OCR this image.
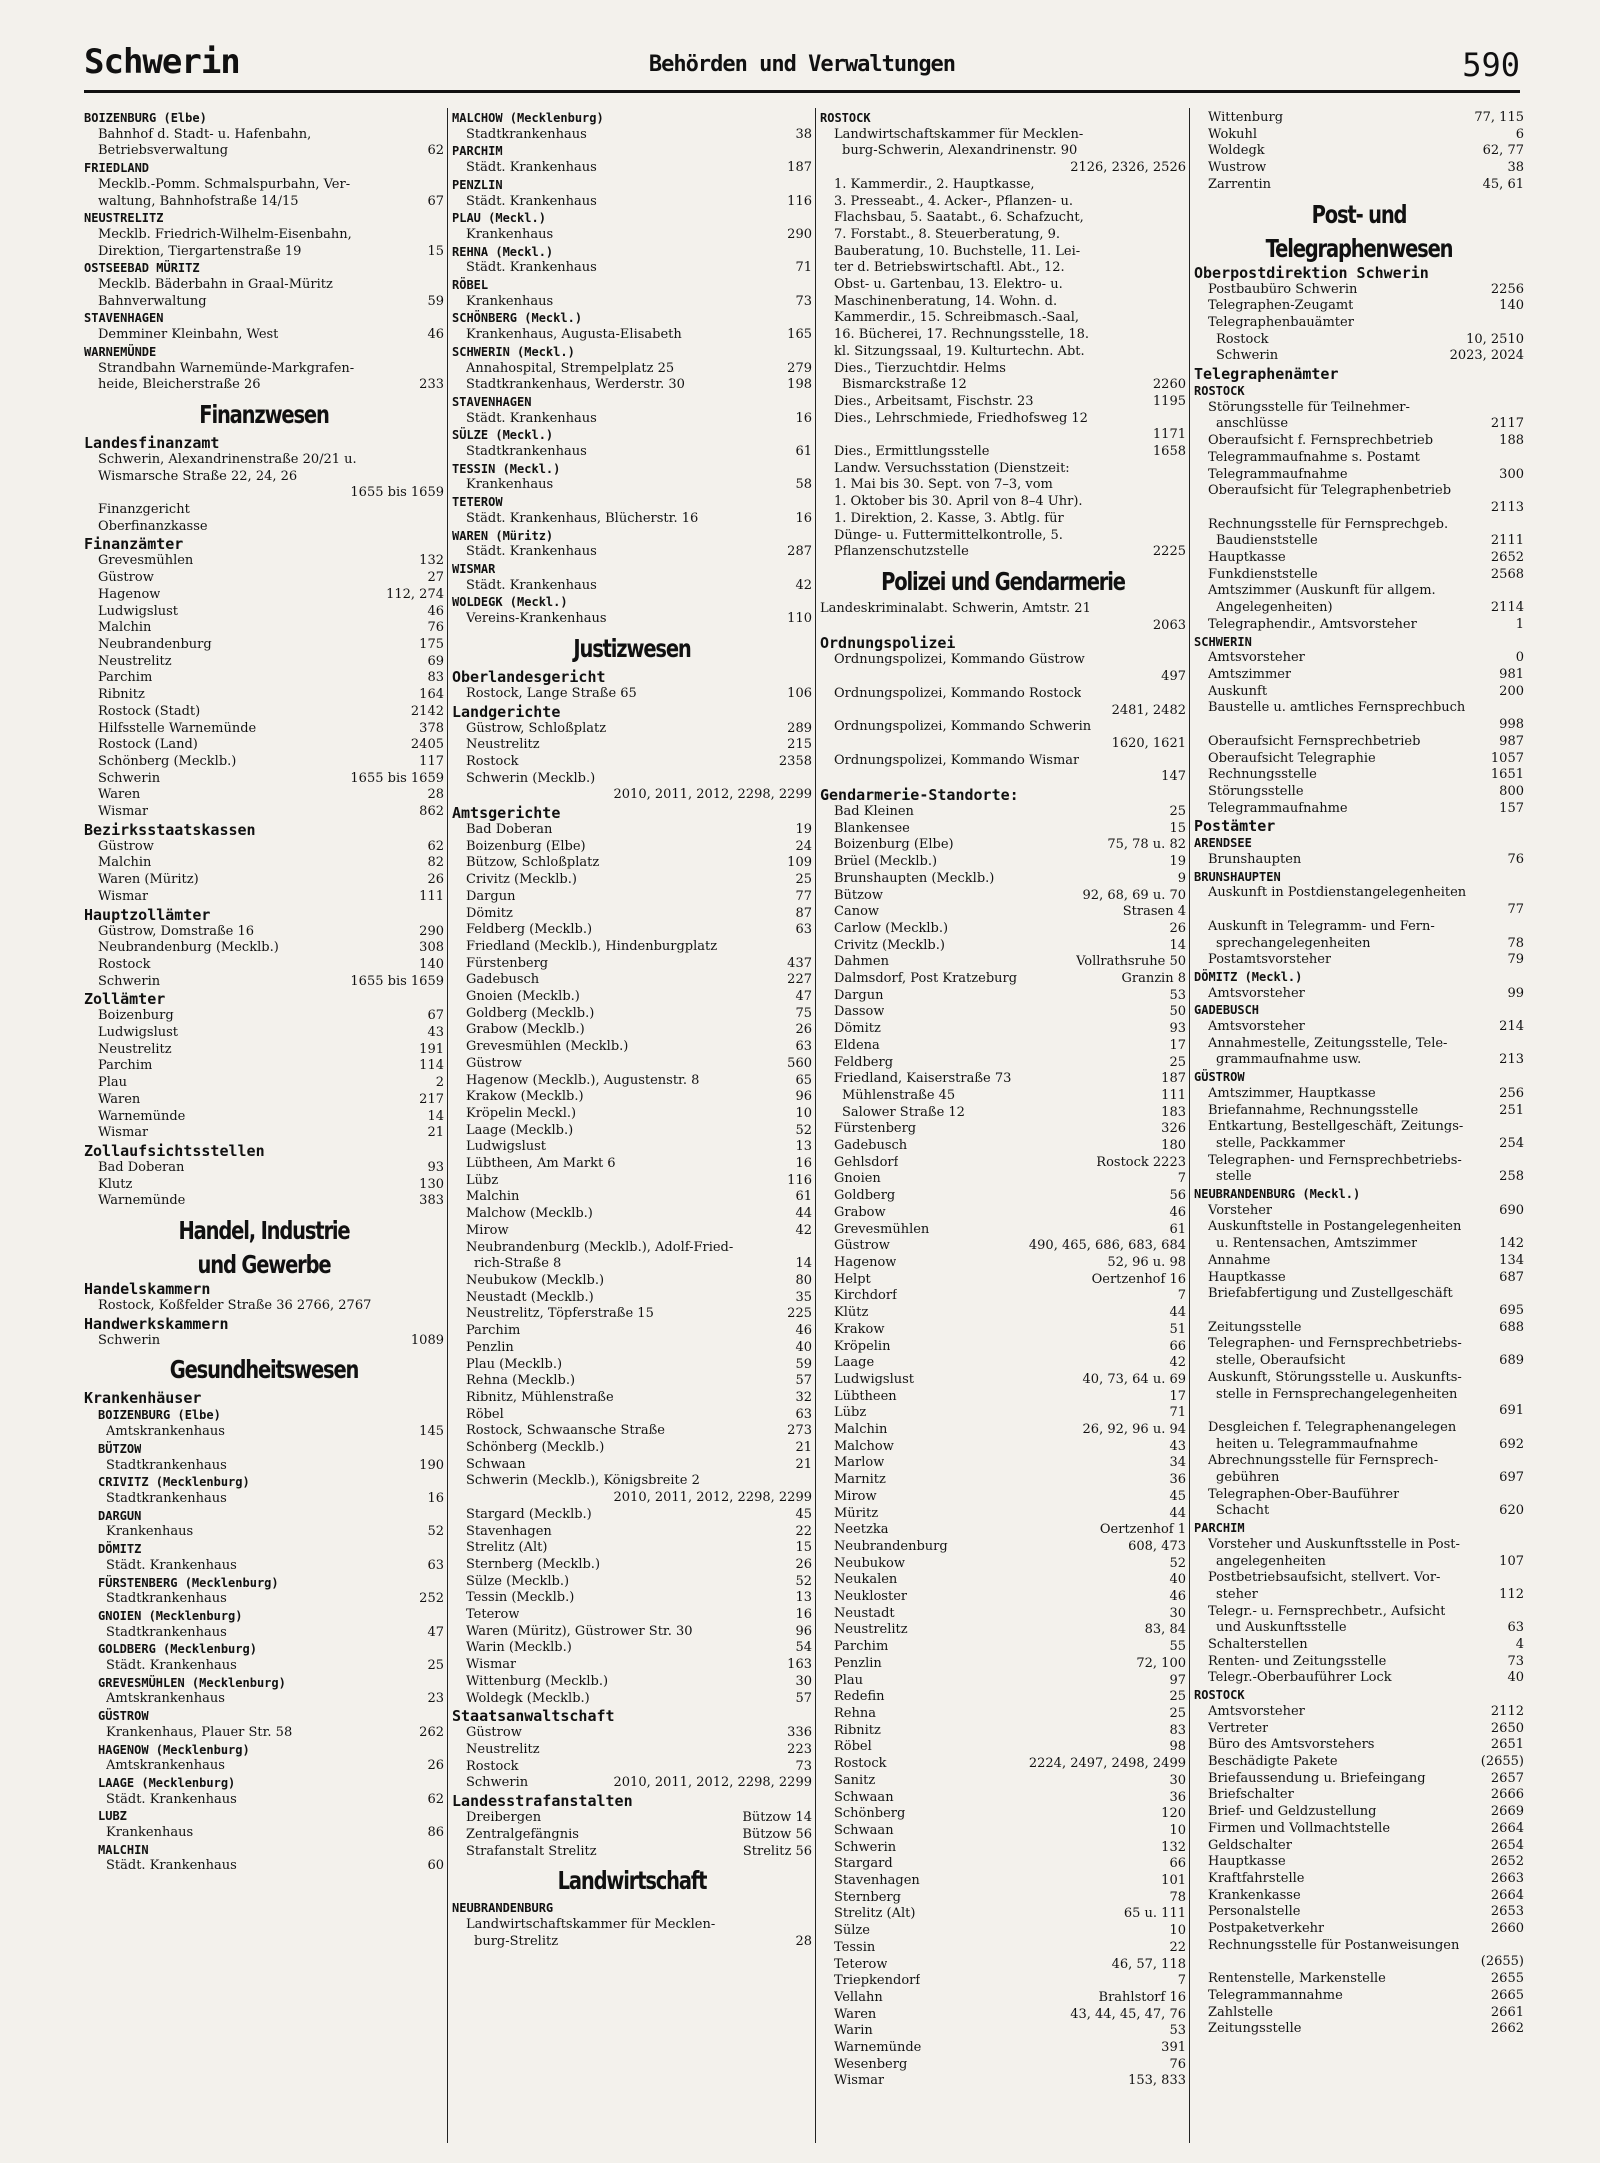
Schwerin	Behörden und Verwaltungen	590
BOIZENBURG (Elbe)
Bahnhof d. Stadt- u. Hafenbahn,
Betriebsverwaltung	62
FRIEDLAND
Mecklb.-Pomm. Schmalspurbahn, Ver-
waltung, Bahnhofstraße 14/15	67
NEUSTRELITZ
Mecklb. Friedrich-Wilhelm-Eisenbahn,
Direktion, Tiergartenstraße 19	15
OSTSEEBAD MÜRITZ
Mecklb. Bäderbahn in Graal-Müritz
Bahnverwaltung	59
STAVENHAGEN
Demminer Kleinbahn, West	46
WARNEMÜNDE
Strandbahn Warnemünde-Markgrafen-
heide, Bleicherstraße 26	233
Finanzwesen
Landesfinanzamt
Schwerin, Alexandrinenstraße 20/21 u.
Wismarsche Straße 22, 24, 26
1655 bis 1659
Finanzgericht
Oberfinanzkasse
Finanzämter
Grevesmühlen	132
Güstrow	27
Hagenow	112, 274
Ludwigslust	46
Malchin	76
Neubrandenburg	175
Neustrelitz	69
Parchim	83
Ribnitz	164
Rostock (Stadt)	2142
Hilfsstelle Warnemünde	378
Rostock (Land)	2405
Schönberg (Mecklb.)	117
Schwerin	1655 bis 1659
Waren	28
Wismar	862
Bezirksstaatskassen
Güstrow	62
Malchin	82
Waren (Müritz)	26
Wismar	111
Hauptzollämter
Güstrow, Domstraße 16	290
Neubrandenburg (Mecklb.)	308
Rostock	140
Schwerin	1655 bis 1659
Zollämter
Boizenburg	67
Ludwigslust	43
Neustrelitz	191
Parchim	114
Plau	2
Waren	217
Warnemünde	14
Wismar	21
Zollaufsichtsstellen
Bad Doberan	93
Klutz	130
Warnemünde	383
Handel, Industrie
und Gewerbe
Handelskammern
Rostock, Koßfelder Straße 36 2766, 2767
Handwerkskammern
Schwerin	1089
Gesundheitswesen
Krankenhäuser
BOIZENBURG (Elbe)
Amtskrankenhaus	145
BÜTZOW
Stadtkrankenhaus	190
CRIVITZ (Mecklenburg)
Stadtkrankenhaus	16
DARGUN
Krankenhaus	52
DÖMITZ
Städt. Krankenhaus	63
FÜRSTENBERG (Mecklenburg)
Stadtkrankenhaus	252
GNOIEN (Mecklenburg)
Stadtkrankenhaus	47
GOLDBERG (Mecklenburg)
Städt. Krankenhaus	25
GREVESMÜHLEN (Mecklenburg)
Amtskrankenhaus	23
GÜSTROW
Krankenhaus, Plauer Str. 58	262
HAGENOW (Mecklenburg)
Amtskrankenhaus	26
LAAGE (Mecklenburg)
Städt. Krankenhaus	62
LUBZ
Krankenhaus	86
MALCHIN
Städt. Krankenhaus	60
MALCHOW (Mecklenburg)
Stadtkrankenhaus	38
PARCHIM
Städt. Krankenhaus	187
PENZLIN
Städt. Krankenhaus	116
PLAU (Meckl.)
Krankenhaus	290
REHNA (Meckl.)
Städt. Krankenhaus	71
RÖBEL
Krankenhaus	73
SCHÖNBERG (Meckl.)
Krankenhaus, Augusta-Elisabeth	165
SCHWERIN (Meckl.)
Annahospital, Strempelplatz 25	279
Stadtkrankenhaus, Werderstr. 30	198
STAVENHAGEN
Städt. Krankenhaus	16
SÜLZE (Meckl.)
Stadtkrankenhaus	61
TESSIN (Meckl.)
Krankenhaus	58
TETEROW
Städt. Krankenhaus, Blücherstr. 16	16
WAREN (Müritz)
Städt. Krankenhaus	287
WISMAR
Städt. Krankenhaus	42
WOLDEGK (Meckl.)
Vereins-Krankenhaus	110
Justizwesen
Oberlandesgericht
Rostock, Lange Straße 65	106
Landgerichte
Güstrow, Schloßplatz	289
Neustrelitz	215
Rostock	2358
Schwerin (Mecklb.)
2010, 2011, 2012, 2298, 2299
Amtsgerichte
Bad Doberan	19
Boizenburg (Elbe)	24
Bützow, Schloßplatz	109
Crivitz (Mecklb.)	25
Dargun	77
Dömitz	87
Feldberg (Mecklb.)	63
Friedland (Mecklb.), Hindenburgplatz
Fürstenberg	437
Gadebusch	227
Gnoien (Mecklb.)	47
Goldberg (Mecklb.)	75
Grabow (Mecklb.)	26
Grevesmühlen (Mecklb.)	63
Güstrow	560
Hagenow (Mecklb.), Augustenstr. 8	65
Krakow (Mecklb.)	96
Kröpelin Meckl.)	10
Laage (Mecklb.)	52
Ludwigslust	13
Lübtheen, Am Markt 6	16
Lübz	116
Malchin	61
Malchow (Mecklb.)	44
Mirow	42
Neubrandenburg (Mecklb.), Adolf-Fried-
rich-Straße 8	14
Neubukow (Mecklb.)	80
Neustadt (Mecklb.)	35
Neustrelitz, Töpferstraße 15	225
Parchim	46
Penzlin	40
Plau (Mecklb.)	59
Rehna (Mecklb.)	57
Ribnitz, Mühlenstraße	32
Röbel	63
Rostock, Schwaansche Straße	273
Schönberg (Mecklb.)	21
Schwaan	21
Schwerin (Mecklb.), Königsbreite 2
2010, 2011, 2012, 2298, 2299
Stargard (Mecklb.)	45
Stavenhagen	22
Strelitz (Alt)	15
Sternberg (Mecklb.)	26
Sülze (Mecklb.)	52
Tessin (Mecklb.)	13
Teterow	16
Waren (Müritz), Güstrower Str. 30	96
Warin (Mecklb.)	54
Wismar	163
Wittenburg (Mecklb.)	30
Woldegk (Mecklb.)	57
Staatsanwaltschaft
Güstrow	336
Neustrelitz	223
Rostock	73
Schwerin	2010, 2011, 2012, 2298, 2299
Landesstrafanstalten
Dreibergen	Bützow 14
Zentralgefängnis	Bützow 56
Strafanstalt Strelitz	Strelitz 56
Landwirtschaft
NEUBRANDENBURG
Landwirtschaftskammer für Mecklen-
burg-Strelitz	28
ROSTOCK
Landwirtschaftskammer für Mecklen-
burg-Schwerin, Alexandrinenstr. 90
2126, 2326, 2526
1. Kammerdir., 2. Hauptkasse,
3. Presseabt., 4. Acker-, Pflanzen- u.
Flachsbau, 5. Saatabt., 6. Schafzucht,
7. Forstabt., 8. Steuerberatung, 9.
Bauberatung, 10. Buchstelle, 11. Lei-
ter d. Betriebswirtschaftl. Abt., 12.
Obst- u. Gartenbau, 13. Elektro- u.
Maschinenberatung, 14. Wohn. d.
Kammerdir., 15. Schreibmasch.-Saal,
16. Bücherei, 17. Rechnungsstelle, 18.
kl. Sitzungssaal, 19. Kulturtechn. Abt.
Dies., Tierzuchtdir. Helms
Bismarckstraße 12	2260
Dies., Arbeitsamt, Fischstr. 23	1195
Dies., Lehrschmiede, Friedhofsweg 12
1171
Dies., Ermittlungsstelle	1658
Landw. Versuchsstation (Dienstzeit:
1. Mai bis 30. Sept. von 7–3, vom
1. Oktober bis 30. April von 8–4 Uhr).
1. Direktion, 2. Kasse, 3. Abtlg. für
Dünge- u. Futtermittelkontrolle, 5.
Pflanzenschutzstelle	2225
Polizei und Gendarmerie
Landeskriminalabt. Schwerin, Amtstr. 21
2063
Ordnungspolizei
Ordnungspolizei, Kommando Güstrow
497
Ordnungspolizei, Kommando Rostock
2481, 2482
Ordnungspolizei, Kommando Schwerin
1620, 1621
Ordnungspolizei, Kommando Wismar
147
Gendarmerie-Standorte:
Bad Kleinen	25
Blankensee	15
Boizenburg (Elbe)	75, 78 u. 82
Brüel (Mecklb.)	19
Brunshaupten (Mecklb.)	9
Bützow	92, 68, 69 u. 70
Canow	Strasen 4
Carlow (Mecklb.)	26
Crivitz (Mecklb.)	14
Dahmen	Vollrathsruhe 50
Dalmsdorf, Post Kratzeburg	Granzin 8
Dargun	53
Dassow	50
Dömitz	93
Eldena	17
Feldberg	25
Friedland, Kaiserstraße 73	187
Mühlenstraße 45	111
Salower Straße 12	183
Fürstenberg	326
Gadebusch	180
Gehlsdorf	Rostock 2223
Gnoien	7
Goldberg	56
Grabow	46
Grevesmühlen	61
Güstrow	490, 465, 686, 683, 684
Hagenow	52, 96 u. 98
Helpt	Oertzenhof 16
Kirchdorf	7
Klütz	44
Krakow	51
Kröpelin	66
Laage	42
Ludwigslust	40, 73, 64 u. 69
Lübtheen	17
Lübz	71
Malchin	26, 92, 96 u. 94
Malchow	43
Marlow	34
Marnitz	36
Mirow	45
Müritz	44
Neetzka	Oertzenhof 1
Neubrandenburg	608, 473
Neubukow	52
Neukalen	40
Neukloster	46
Neustadt	30
Neustrelitz	83, 84
Parchim	55
Penzlin	72, 100
Plau	97
Redefin	25
Rehna	25
Ribnitz	83
Röbel	98
Rostock	2224, 2497, 2498, 2499
Sanitz	30
Schwaan	36
Schönberg	120
Schwaan	10
Schwerin	132
Stargard	66
Stavenhagen	101
Sternberg	78
Strelitz (Alt)	65 u. 111
Sülze	10
Tessin	22
Teterow	46, 57, 118
Triepkendorf	7
Vellahn	Brahlstorf 16
Waren	43, 44, 45, 47, 76
Warin	53
Warnemünde	391
Wesenberg	76
Wismar	153, 833
Wittenburg	77, 115
Wokuhl	6
Woldegk	62, 77
Wustrow	38
Zarrentin	45, 61
Post- und
Telegraphenwesen
Oberpostdirektion Schwerin
Postbaubüro Schwerin	2256
Telegraphen-Zeugamt	140
Telegraphenbauämter
Rostock	10, 2510
Schwerin	2023, 2024
Telegraphenämter
ROSTOCK
Störungsstelle für Teilnehmer-
anschlüsse	2117
Oberaufsicht f. Fernsprechbetrieb	188
Telegrammaufnahme s. Postamt
Telegrammaufnahme	300
Oberaufsicht für Telegraphenbetrieb
2113
Rechnungsstelle für Fernsprechgeb.
Baudienststelle	2111
Hauptkasse	2652
Funkdienststelle	2568
Amtszimmer (Auskunft für allgem.
Angelegenheiten)	2114
Telegraphendir., Amtsvorsteher	1
SCHWERIN
Amtsvorsteher	0
Amtszimmer	981
Auskunft	200
Baustelle u. amtliches Fernsprechbuch
998
Oberaufsicht Fernsprechbetrieb	987
Oberaufsicht Telegraphie	1057
Rechnungsstelle	1651
Störungsstelle	800
Telegrammaufnahme	157
Postämter
ARENDSEE
Brunshaupten	76
BRUNSHAUPTEN
Auskunft in Postdienstangelegenheiten
77
Auskunft in Telegramm- und Fern-
sprechangelegenheiten	78
Postamtsvorsteher	79
DÖMITZ (Meckl.)
Amtsvorsteher	99
GADEBUSCH
Amtsvorsteher	214
Annahmestelle, Zeitungsstelle, Tele-
grammaufnahme usw.	213
GÜSTROW
Amtszimmer, Hauptkasse	256
Briefannahme, Rechnungsstelle	251
Entkartung, Bestellgeschäft, Zeitungs-
stelle, Packkammer	254
Telegraphen- und Fernsprechbetriebs-
stelle	258
NEUBRANDENBURG (Meckl.)
Vorsteher	690
Auskunftstelle in Postangelegenheiten
u. Rentensachen, Amtszimmer	142
Annahme	134
Hauptkasse	687
Briefabfertigung und Zustellgeschäft
695
Zeitungsstelle	688
Telegraphen- und Fernsprechbetriebs-
stelle, Oberaufsicht	689
Auskunft, Störungsstelle u. Auskunfts-
stelle in Fernsprechangelegenheiten
691
Desgleichen f. Telegraphenangelegen
heiten u. Telegrammaufnahme	692
Abrechnungsstelle für Fernsprech-
gebühren	697
Telegraphen-Ober-Bauführer
Schacht	620
PARCHIM
Vorsteher und Auskunftsstelle in Post-
angelegenheiten	107
Postbetriebsaufsicht, stellvert. Vor-
steher	112
Telegr.- u. Fernsprechbetr., Aufsicht
und Auskunftsstelle	63
Schalterstellen	4
Renten- und Zeitungsstelle	73
Telegr.-Oberbauführer Lock	40
ROSTOCK
Amtsvorsteher	2112
Vertreter	2650
Büro des Amtsvorstehers	2651
Beschädigte Pakete	(2655)
Briefaussendung u. Briefeingang	2657
Briefschalter	2666
Brief- und Geldzustellung	2669
Firmen und Vollmachtstelle	2664
Geldschalter	2654
Hauptkasse	2652
Kraftfahrstelle	2663
Krankenkasse	2664
Personalstelle	2653
Postpaketverkehr	2660
Rechnungsstelle für Postanweisungen
(2655)
Rentenstelle, Markenstelle	2655
Telegrammannahme	2665
Zahlstelle	2661
Zeitungsstelle	2662
